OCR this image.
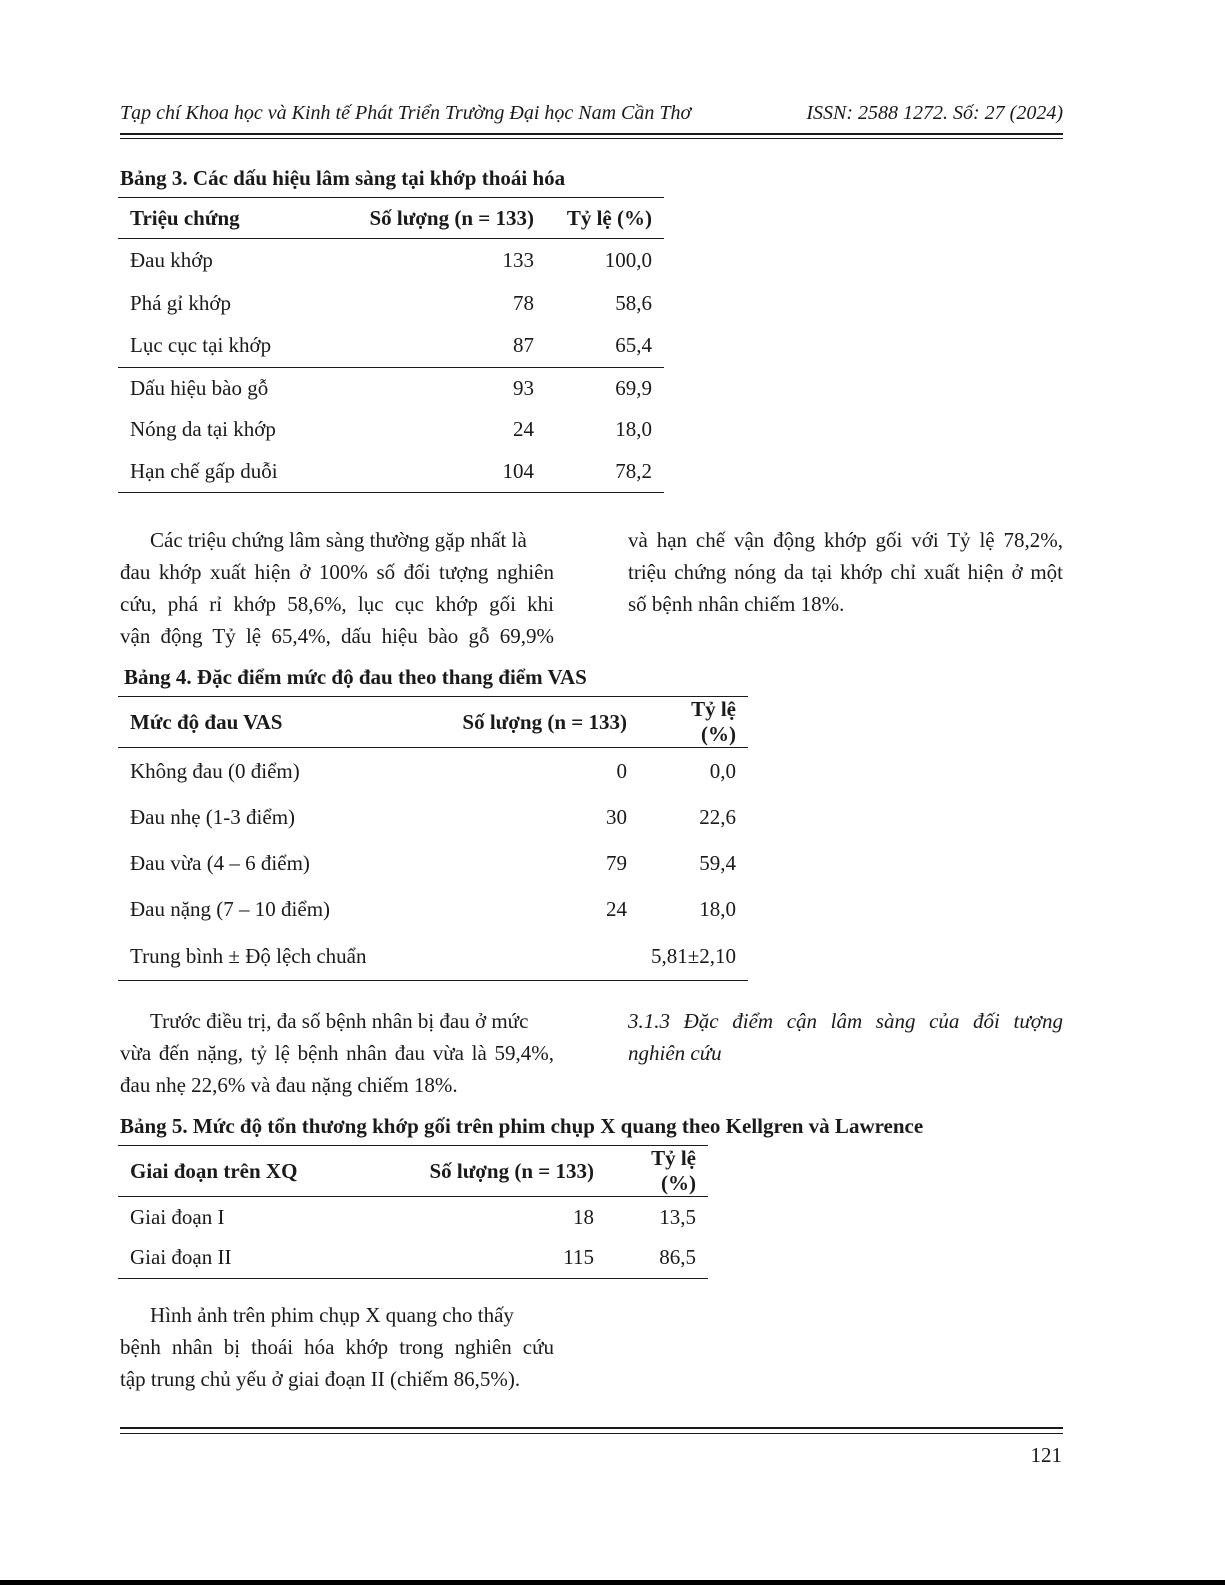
Tạp chí Khoa học và Kinh tế Phát Triển Trường Đại học Nam Cần Thơ	ISSN: 2588 1272. Số: 27 (2024)
Bảng 3. Các dấu hiệu lâm sàng tại khớp thoái hóa
Triệu chứng	Số lượng (n = 133)	Tỷ lệ (%)
Đau khớp	133	100,0
Phá gỉ khớp	78	58,6
Lục cục tại khớp	87	65,4
Dấu hiệu bào gỗ	93	69,9
Nóng da tại khớp	24	18,0
Hạn chế gấp duỗi	104	78,2
Các triệu chứng lâm sàng thường gặp nhất là
đau khớp xuất hiện ở 100% số đối tượng nghiên
cứu, phá rỉ khớp 58,6%, lục cục khớp gối khi
vận động Tỷ lệ 65,4%, dấu hiệu bào gỗ 69,9%
và hạn chế vận động khớp gối với Tỷ lệ 78,2%,
triệu chứng nóng da tại khớp chỉ xuất hiện ở một
số bệnh nhân chiếm 18%.
Bảng 4. Đặc điểm mức độ đau theo thang điểm VAS
Mức độ đau VAS	Số lượng (n = 133)	Tỷ lệ (%)
Không đau (0 điểm)	0	0,0
Đau nhẹ (1-3 điểm)	30	22,6
Đau vừa (4 – 6 điểm)	79	59,4
Đau nặng (7 – 10 điểm)	24	18,0
Trung bình ± Độ lệch chuẩn		5,81±2,10
Trước điều trị, đa số bệnh nhân bị đau ở mức
vừa đến nặng, tỷ lệ bệnh nhân đau vừa là 59,4%,
đau nhẹ 22,6% và đau nặng chiếm 18%.
3.1.3 Đặc điểm cận lâm sàng của đối tượng
nghiên cứu
Bảng 5. Mức độ tổn thương khớp gối trên phim chụp X quang theo Kellgren và Lawrence
Giai đoạn trên XQ	Số lượng (n = 133)	Tỷ lệ (%)
Giai đoạn I	18	13,5
Giai đoạn II	115	86,5
Hình ảnh trên phim chụp X quang cho thấy
bệnh nhân bị thoái hóa khớp trong nghiên cứu
tập trung chủ yếu ở giai đoạn II (chiếm 86,5%).
121
